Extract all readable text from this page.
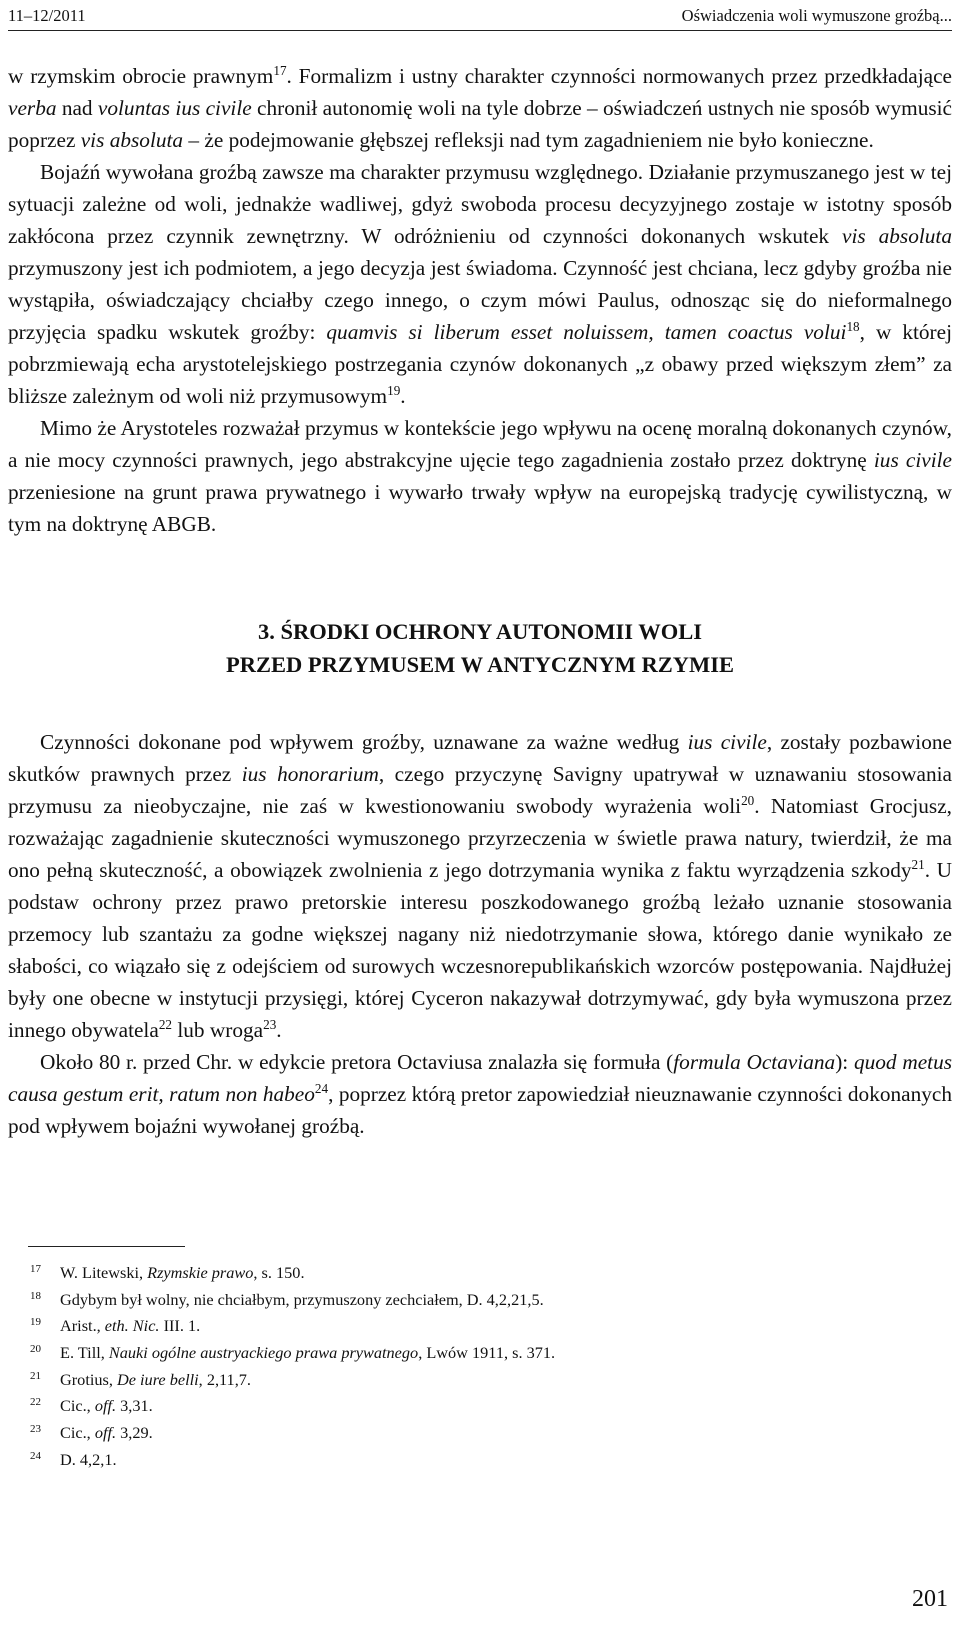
11–12/2011	Oświadczenia woli wymuszone groźbą...

w rzymskim obrocie prawnym$^{17}$. Formalizm i ustny charakter czynności normowanych przez przedkładające verba nad voluntas ius civile chronił autonomię woli na tyle dobrze – oświadczeń ustnych nie sposób wymusić poprzez vis absoluta – że podejmowanie głębszej refleksji nad tym zagadnieniem nie było konieczne.

Bojaźń wywołana groźbą zawsze ma charakter przymusu względnego. Działanie przymuszanego jest w tej sytuacji zależne od woli, jednakże wadliwej, gdyż swoboda procesu decyzyjnego zostaje w istotny sposób zakłócona przez czynnik zewnętrzny. W odróżnieniu od czynności dokonanych wskutek vis absoluta przymuszony jest ich podmiotem, a jego decyzja jest świadoma. Czynność jest chciana, lecz gdyby groźba nie wystąpiła, oświadczający chciałby czego innego, o czym mówi Paulus, odnosząc się do nieformalnego przyjęcia spadku wskutek groźby: quamvis si liberum esset noluissem, tamen coactus volui$^{18}$, w której pobrzmiewają echa arystotelejskiego postrzegania czynów dokonanych „z obawy przed większym złem” za bliższe zależnym od woli niż przymusowym$^{19}$.

Mimo że Arystoteles rozważał przymus w kontekście jego wpływu na ocenę moralną dokonanych czynów, a nie mocy czynności prawnych, jego abstrakcyjne ujęcie tego zagadnienia zostało przez doktrynę ius civile przeniesione na grunt prawa prywatnego i wywarło trwały wpływ na europejską tradycję cywilistyczną, w tym na doktrynę ABGB.

3. ŚRODKI OCHRONY AUTONOMII WOLI
PRZED PRZYMUSEM W ANTYCZNYM RZYMIE

Czynności dokonane pod wpływem groźby, uznawane za ważne według ius civile, zostały pozbawione skutków prawnych przez ius honorarium, czego przyczynę Savigny upatrywał w uznawaniu stosowania przymusu za nieobyczajne, nie zaś w kwestionowaniu swobody wyrażenia woli$^{20}$. Natomiast Grocjusz, rozważając zagadnienie skuteczności wymuszonego przyrzeczenia w świetle prawa natury, twierdził, że ma ono pełną skuteczność, a obowiązek zwolnienia z jego dotrzymania wynika z faktu wyrządzenia szkody$^{21}$. U podstaw ochrony przez prawo pretorskie interesu poszkodowanego groźbą leżało uznanie stosowania przemocy lub szantażu za godne większej nagany niż niedotrzymanie słowa, którego danie wynikało ze słabości, co wiązało się z odejściem od surowych wczesnorepublikańskich wzorców postępowania. Najdłużej były one obecne w instytucji przysięgi, której Cyceron nakazywał dotrzymywać, gdy była wymuszona przez innego obywatela$^{22}$ lub wroga$^{23}$.

Około 80 r. przed Chr. w edykcie pretora Octaviusa znalazła się formuła (formula Octaviana): quod metus causa gestum erit, ratum non habeo$^{24}$, poprzez którą pretor zapowiedział nieuznawanie czynności dokonanych pod wpływem bojaźni wywołanej groźbą.

17 W. Litewski, Rzymskie prawo, s. 150.
18 Gdybym był wolny, nie chciałbym, przymuszony zechciałem, D. 4,2,21,5.
19 Arist., eth. Nic. III. 1.
20 E. Till, Nauki ogólne austryackiego prawa prywatnego, Lwów 1911, s. 371.
21 Grotius, De iure belli, 2,11,7.
22 Cic., off. 3,31.
23 Cic., off. 3,29.
24 D. 4,2,1.
201
